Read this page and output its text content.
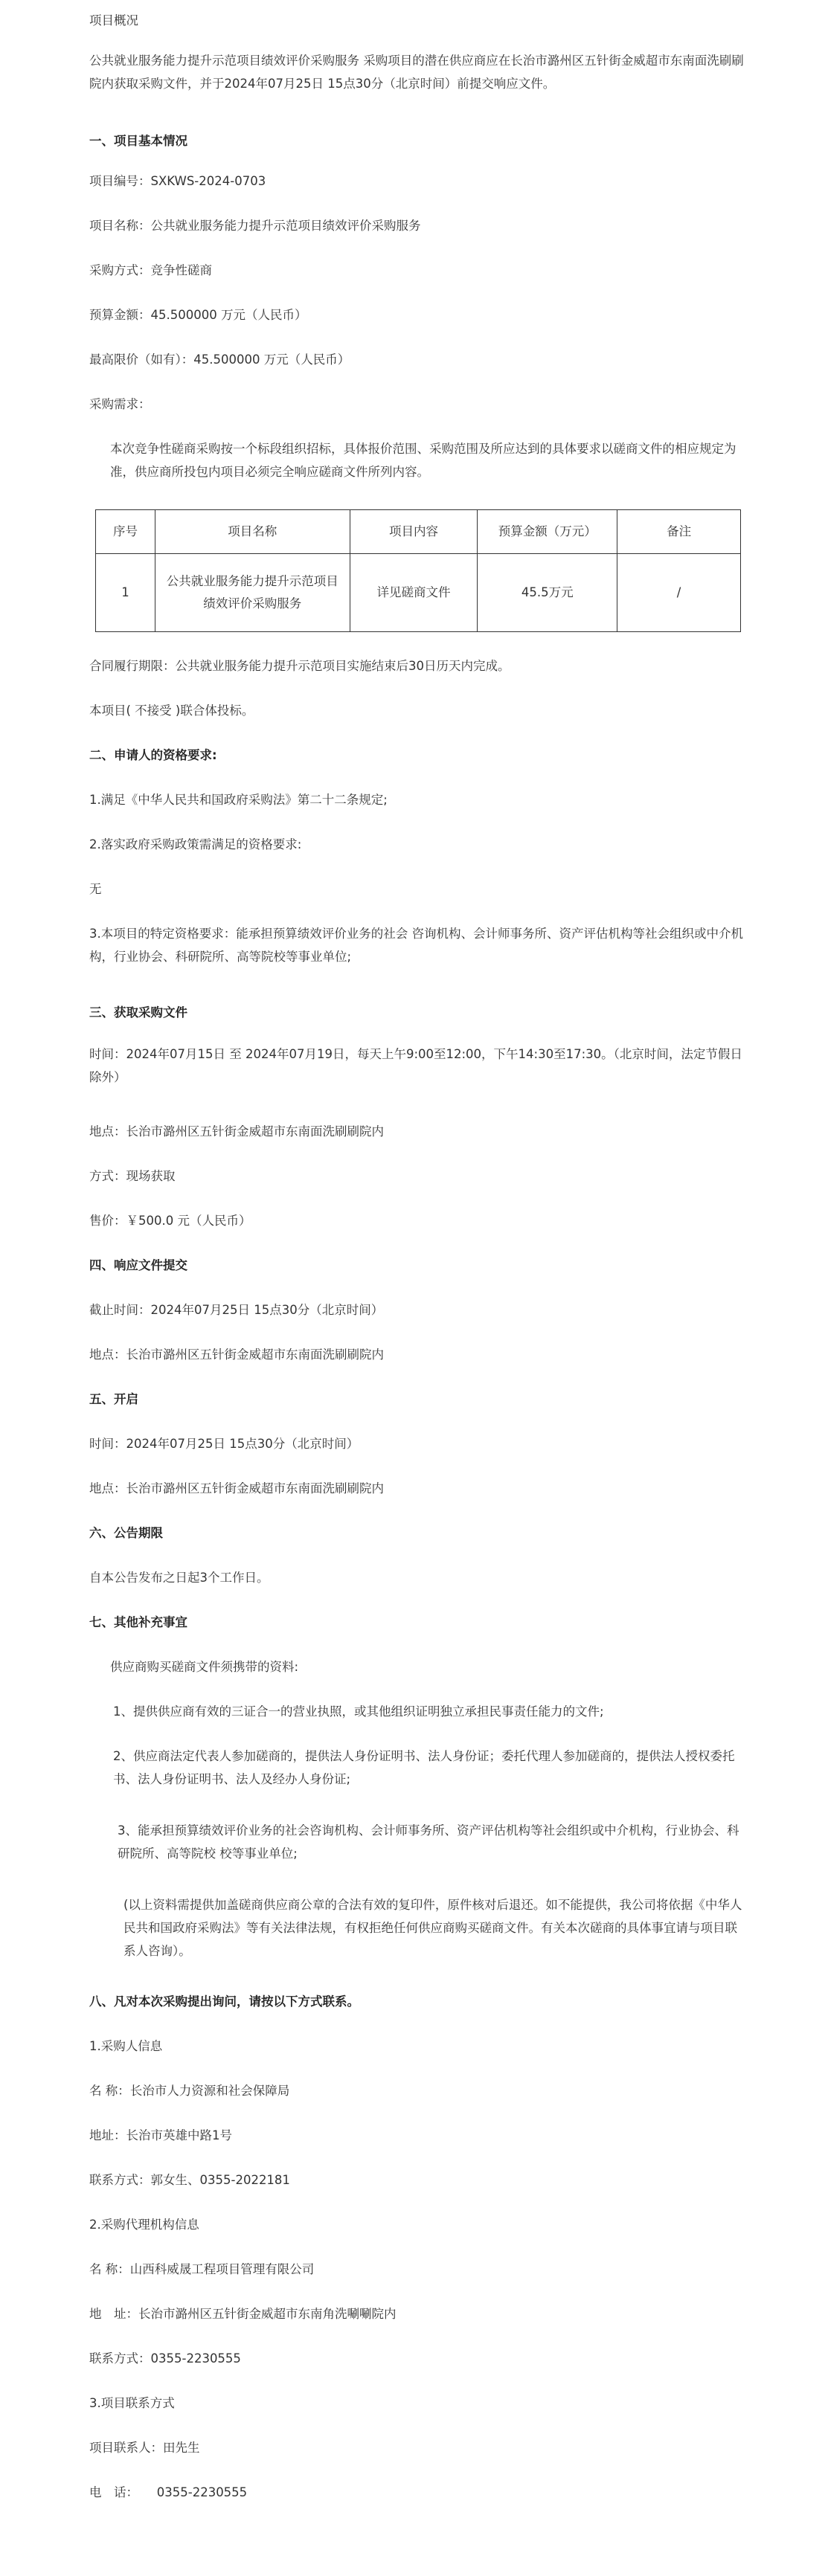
项目概况
公共就业服务能力提升示范项目绩效评价采购服务 采购项目的潜在供应商应在长治市潞州区五针街金威超市东南面洗刷刷院内获取采购文件，并于2024年07月25日 15点30分（北京时间）前提交响应文件。
一、项目基本情况
项目编号：SXKWS-2024-0703
项目名称：公共就业服务能力提升示范项目绩效评价采购服务
采购方式：竞争性磋商
预算金额：45.500000 万元（人民币）
最高限价（如有）：45.500000 万元（人民币）
采购需求：
本次竞争性磋商采购按一个标段组织招标，具体报价范围、采购范围及所应达到的具体要求以磋商文件的相应规定为准，供应商所投包内项目必须完全响应磋商文件所列内容。
序号	项目名称	项目内容	预算金额（万元）	备注
1	公共就业服务能力提升示范项目绩效评价采购服务	详见磋商文件	45.5万元	/
合同履行期限：公共就业服务能力提升示范项目实施结束后30日历天内完成。
本项目( 不接受 )联合体投标。
二、申请人的资格要求:
1.满足《中华人民共和国政府采购法》第二十二条规定;
2.落实政府采购政策需满足的资格要求:
无
3.本项目的特定资格要求：能承担预算绩效评价业务的社会 咨询机构、会计师事务所、资产评估机构等社会组织或中介机 构，行业协会、科研院所、高等院校等事业单位;
三、获取采购文件
时间：2024年07月15日 至 2024年07月19日，每天上午9:00至12:00，下午14:30至17:30。（北京时间，法定节假日除外）
地点：长治市潞州区五针街金威超市东南面洗刷刷院内
方式：现场获取
售价：￥500.0 元（人民币）
四、响应文件提交
截止时间：2024年07月25日 15点30分（北京时间）
地点：长治市潞州区五针街金威超市东南面洗刷刷院内
五、开启
时间：2024年07月25日 15点30分（北京时间）
地点：长治市潞州区五针街金威超市东南面洗刷刷院内
六、公告期限
自本公告发布之日起3个工作日。
七、其他补充事宜
供应商购买磋商文件须携带的资料:
1、提供供应商有效的三证合一的营业执照，或其他组织证明独立承担民事责任能力的文件;
2、供应商法定代表人参加磋商的，提供法人身份证明书、法人身份证；委托代理人参加磋商的，提供法人授权委托书、法人身份证明书、法人及经办人身份证;
3、能承担预算绩效评价业务的社会咨询机构、会计师事务所、资产评估机构等社会组织或中介机构，行业协会、科研院所、高等院校 校等事业单位;
(以上资料需提供加盖磋商供应商公章的合法有效的复印件，原件核对后退还。如不能提供，我公司将依据《中华人民共和国政府采购法》等有关法律法规，有权拒绝任何供应商购买磋商文件。有关本次磋商的具体事宜请与项目联系人咨询）。
八、凡对本次采购提出询问，请按以下方式联系。
1.采购人信息
名 称：长治市人力资源和社会保障局
地址：长治市英雄中路1号
联系方式：郭女生、0355-2022181
2.采购代理机构信息
名 称：山西科威晟工程项目管理有限公司
地　址：长治市潞州区五针街金威超市东南角洗唰唰院内
联系方式：0355-2230555
3.项目联系方式
项目联系人：田先生
电　话：　　0355-2230555
